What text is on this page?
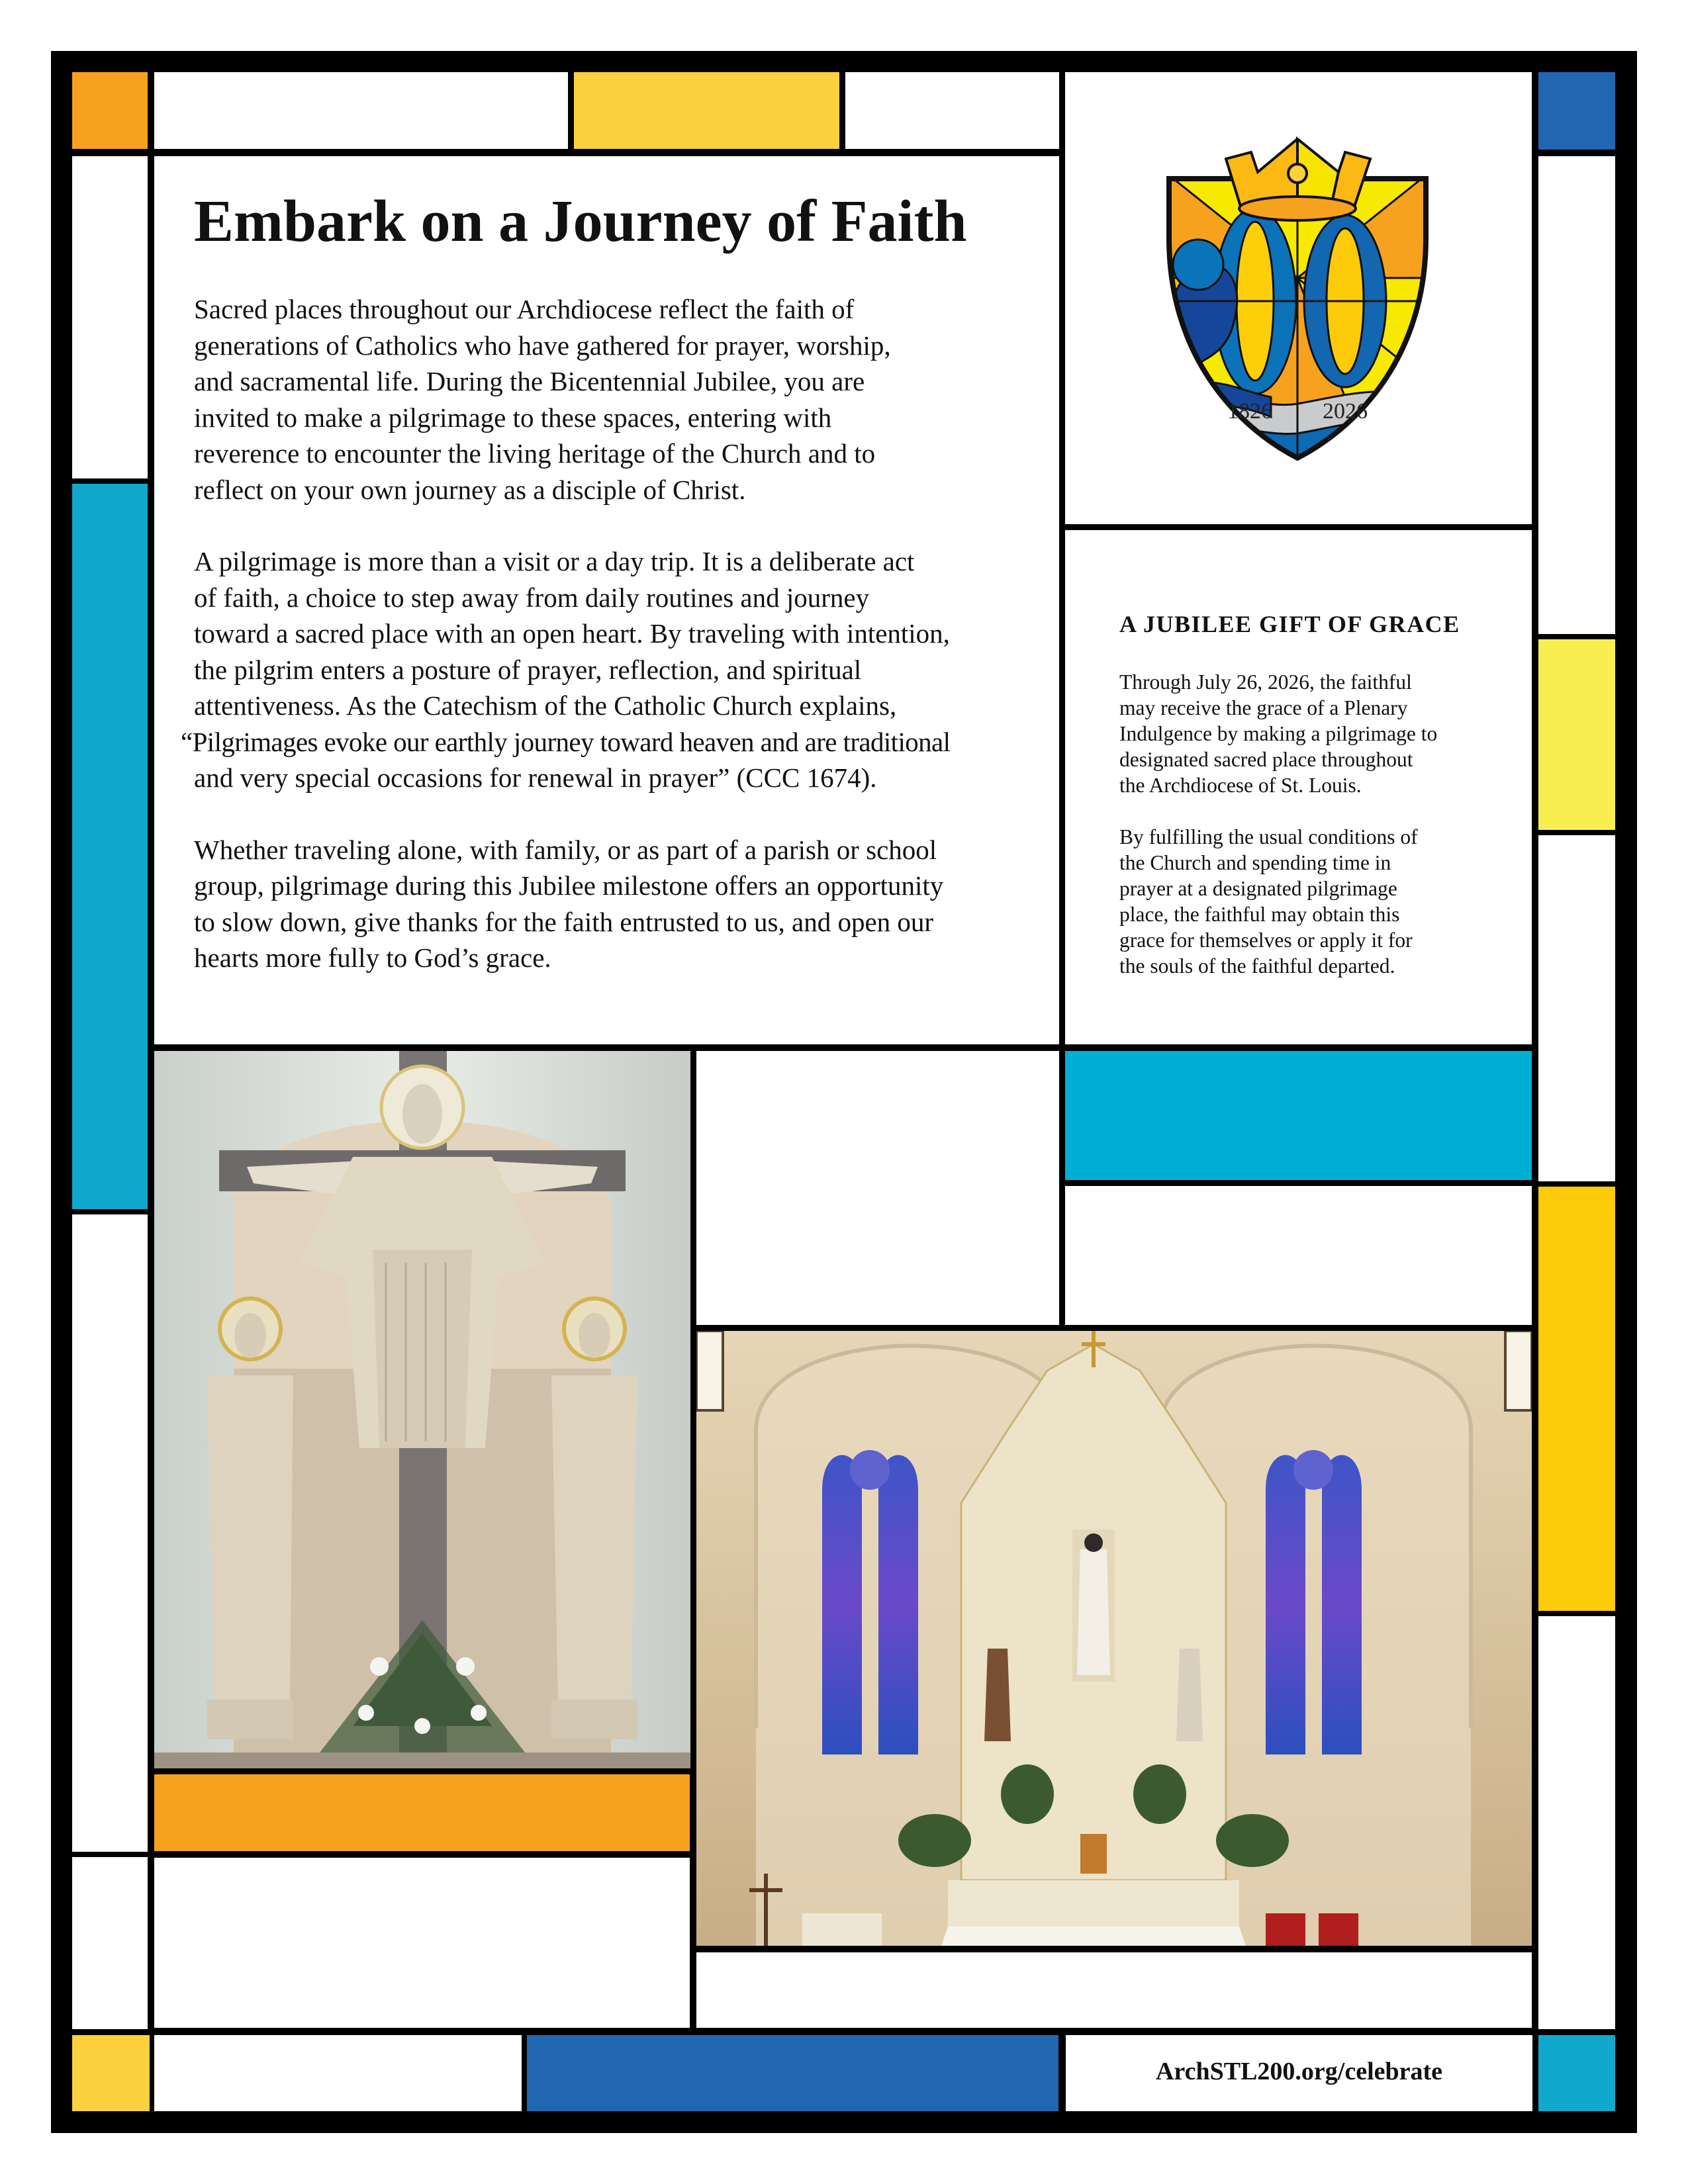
Embark on a Journey of Faith

Sacred places throughout our Archdiocese reflect the faith of
generations of Catholics who have gathered for prayer, worship,
and sacramental life. During the Bicentennial Jubilee, you are
invited to make a pilgrimage to these spaces, entering with
reverence to encounter the living heritage of the Church and to
reflect on your own journey as a disciple of Christ.

A pilgrimage is more than a visit or a day trip. It is a deliberate act
of faith, a choice to step away from daily routines and journey
toward a sacred place with an open heart. By traveling with intention,
the pilgrim enters a posture of prayer, reflection, and spiritual
attentiveness. As the Catechism of the Catholic Church explains,
“Pilgrimages evoke our earthly journey toward heaven and are traditional
and very special occasions for renewal in prayer” (CCC 1674).

Whether traveling alone, with family, or as part of a parish or school
group, pilgrimage during this Jubilee milestone offers an opportunity
to slow down, give thanks for the faith entrusted to us, and open our
hearts more fully to God’s grace.

1826 2026
A JUBILEE GIFT OF GRACE

Through July 26, 2026, the faithful
may receive the grace of a Plenary
Indulgence by making a pilgrimage to
designated sacred place throughout
the Archdiocese of St. Louis.

By fulfilling the usual conditions of
the Church and spending time in
prayer at a designated pilgrimage
place, the faithful may obtain this
grace for themselves or apply it for
the souls of the faithful departed.

ArchSTL200.org/celebrate
